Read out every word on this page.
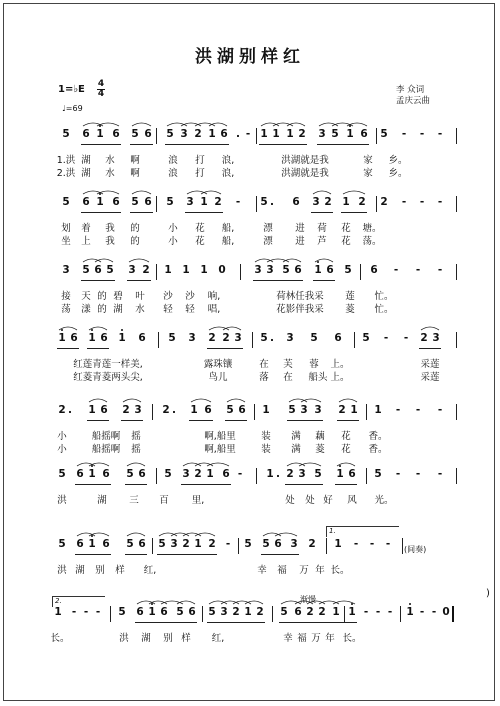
洪湖别样红
1=♭E 4
4
♩=69
李 众词
孟庆云曲
5 6 1 6 5 6 5 3 2 1 6 . - 1 1 1 2 3 5 1 6 5 - - -
1.洪 湖 水 啊	浪 打 浪,	洪湖就是我	家 乡。
2.洪 湖 水 啊	浪 打 浪,	洪湖就是我	家 乡。
5 6 1 6 5 6 5 3 1 2 - 5 . 6 3 2 1 2 2 - - -
划 着 我 的	小 花 船,	漂 进 荷 花 塘。
坐 上 我 的	小 花 船,	漂 进 芦 花 荡。
3 5 6 5 3 2 1 1 1 0	3 3 5 6 1 6 5 6 - - -
接 天 的 碧 叶 沙 沙 响,	荷林任我采 莲 忙。
荡 漾 的 湖 水 轻 轻 唱,	花影伴我采 菱 忙。
1 6 1 6 1 6 5 3 2 2 3 5 . 3 5 6 5 - - 2 3
红莲青莲一样美,	露珠镶	在 芙 蓉 上。	采莲
红菱青菱两头尖,	鸟儿	落 在 船头 上。	采莲
2 . 1 6 2 3 2 . 1 6 5 6 1 5 3 3 2 1 1 - - -
小	船摇啊 摇	啊,船里	装 满 藕 花 香。
小	船摇啊 摇	啊,船里	装 满 菱 花 香。
5 6 1 6 5 6 5 3 2 1 6 - 1 . 2 3 5 1 6 5 - - -
洪	湖 三 百 里,	处 处 好 风 光。
5 6 1 6 5 6 5 3 2 1 2 - 5 5 6 3 2 1 - - -
洪 湖 别 样 红,	幸 福 万 年 长。
1 - - - 5 6 1 6 5 6 5 3 2 1 2 5 6 2 2 1 1 - - - 1 - - 0
长。	洪 湖 别 样 红,	幸 福 万 年 长。
(间奏)
渐慢
1.
2.
)
